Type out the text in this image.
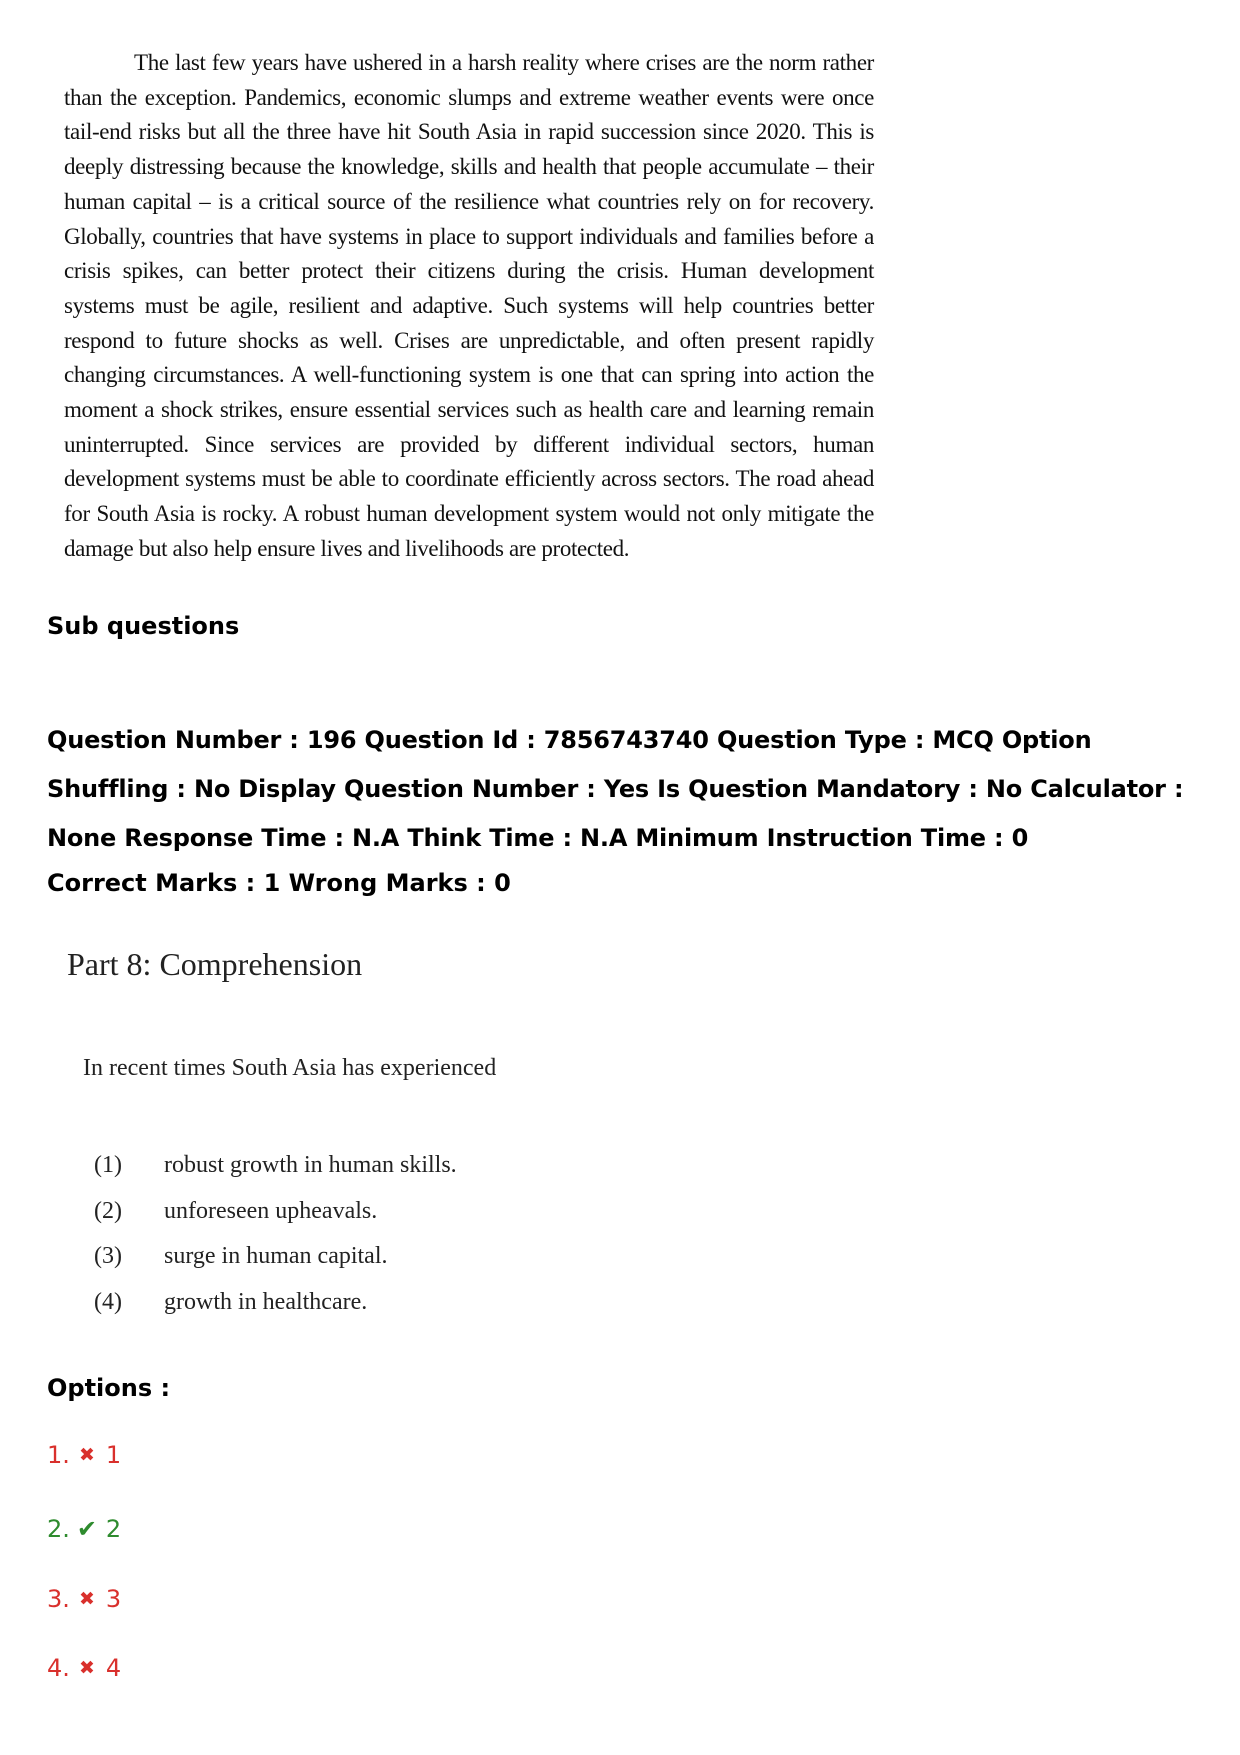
The last few years have ushered in a harsh reality where crises are the norm rather than the exception. Pandemics, economic slumps and extreme weather events were once tail-end risks but all the three have hit South Asia in rapid succession since 2020. This is deeply distressing because the knowledge, skills and health that people accumulate – their human capital – is a critical source of the resilience what countries rely on for recovery. Globally, countries that have systems in place to support individuals and families before a crisis spikes, can better protect their citizens during the crisis. Human development systems must be agile, resilient and adaptive. Such systems will help countries better respond to future shocks as well. Crises are unpredictable, and often present rapidly changing circumstances. A well-functioning system is one that can spring into action the moment a shock strikes, ensure essential services such as health care and learning remain uninterrupted. Since services are provided by different individual sectors, human development systems must be able to coordinate efficiently across sectors. The road ahead for South Asia is rocky. A robust human development system would not only mitigate the damage but also help ensure lives and livelihoods are protected.

Sub questions
Question Number : 196 Question Id : 7856743740 Question Type : MCQ Option Shuffling : No Display Question Number : Yes Is Question Mandatory : No Calculator : None Response Time : N.A Think Time : N.A Minimum Instruction Time : 0
Correct Marks : 1 Wrong Marks : 0
Part 8: Comprehension
In recent times South Asia has experienced
(1)	robust growth in human skills.
(2)	unforeseen upheavals.
(3)	surge in human capital.
(4)	growth in healthcare.
Options :
1. ✖ 1
2. ✔ 2
3. ✖ 3
4. ✖ 4
